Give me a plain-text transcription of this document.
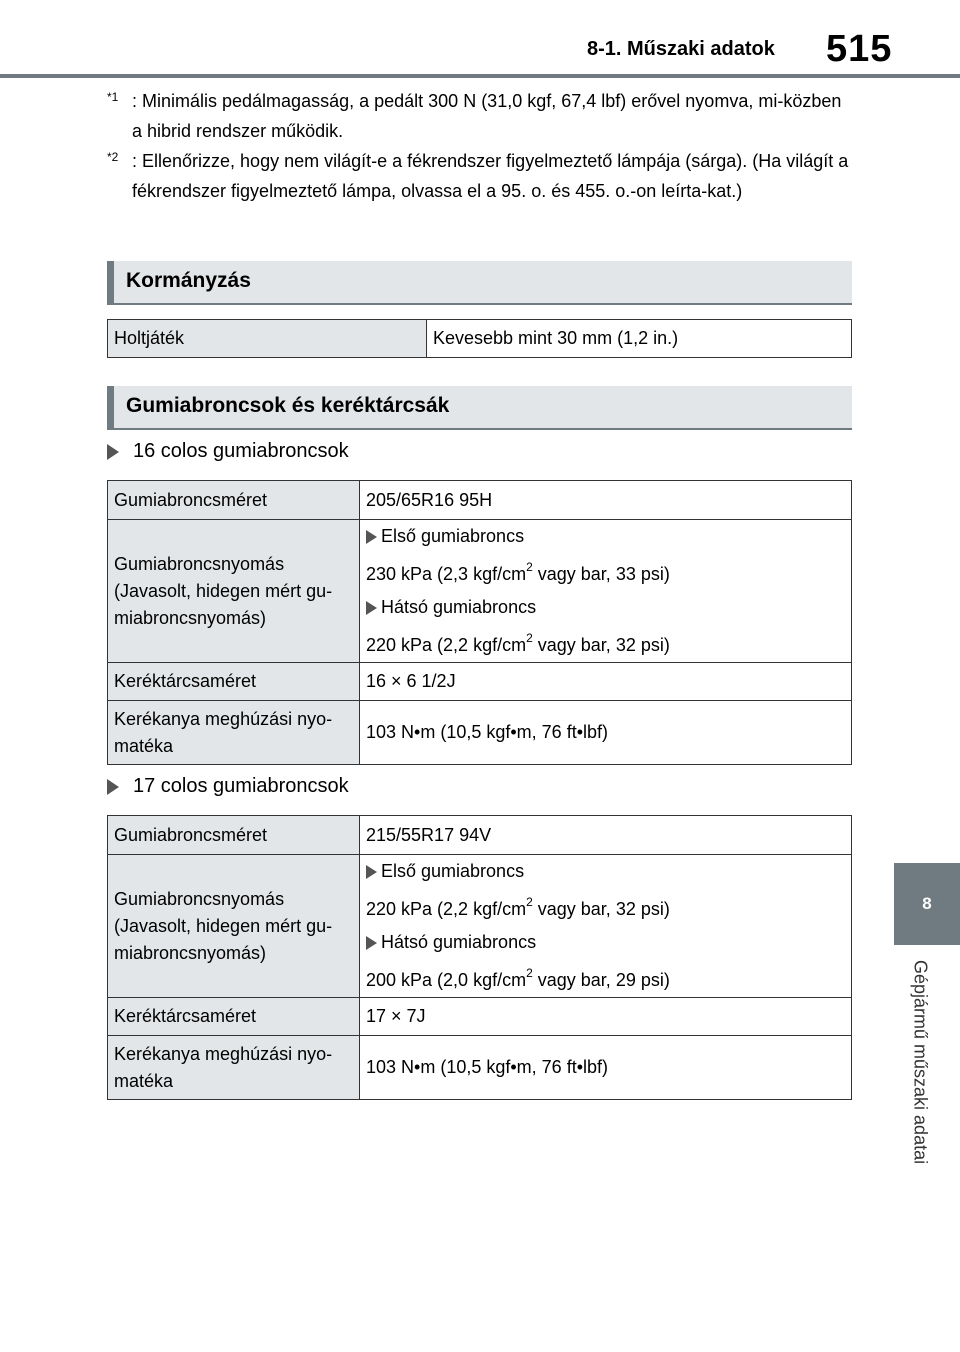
8-1. Műszaki adatok 515
8
Gépjármű műszaki adatai
$^{*1}$ : Minimális pedálmagasság, a pedált 300 N (31,0 kgf, 67,4 lbf) erővel nyomva, mi-közben a hibrid rendszer működik.
$^{*2}$ : Ellenőrizze, hogy nem világít-e a fékrendszer figyelmeztető lámpája (sárga). (Ha világít a fékrendszer figyelmeztető lámpa, olvassa el a 95. o. és 455. o.-on leírta-kat.)
Kormányzás
Holtjáték	Kevesebb mint 30 mm (1,2 in.)
Gumiabroncsok és keréktárcsák
16 colos gumiabroncsok
Gumiabroncsméret	205/65R16 95H
Gumiabroncsnyomás (Javasolt, hidegen mért gu-miabroncsnyomás)	Első gumiabroncs
230 kPa (2,3 kgf/$cm^2$ vagy bar, 33 psi)
Hátsó gumiabroncs
220 kPa (2,2 kgf/$cm^2$ vagy bar, 32 psi)

Keréktárcsaméret	16 × 6 1/2J
Kerékanya meghúzási nyo-matéka	103 N•m (10,5 kgf•m, 76 ft•lbf)
17 colos gumiabroncsok
Gumiabroncsméret	215/55R17 94V
Gumiabroncsnyomás (Javasolt, hidegen mért gu-miabroncsnyomás)	Első gumiabroncs
220 kPa (2,2 kgf/$cm^2$ vagy bar, 32 psi)
Hátsó gumiabroncs
200 kPa (2,0 kgf/$cm^2$ vagy bar, 29 psi)

Keréktárcsaméret	17 × 7J
Kerékanya meghúzási nyo-matéka	103 N•m (10,5 kgf•m, 76 ft•lbf)
